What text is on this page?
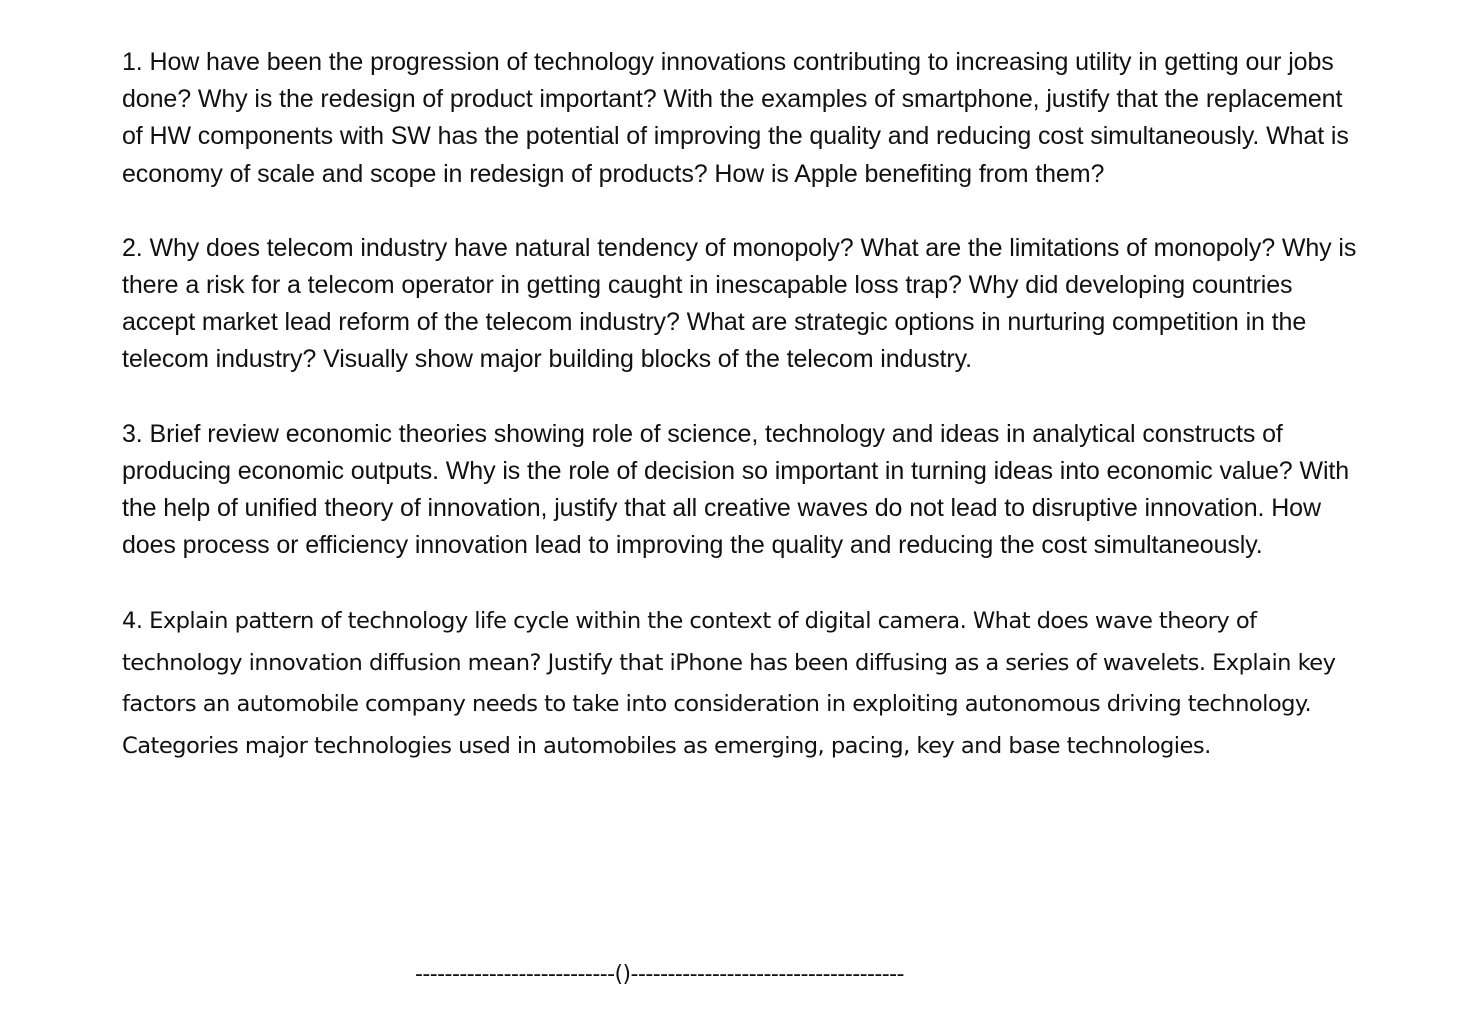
1. How have been the progression of technology innovations contributing to increasing utility in getting our jobs done? Why is the redesign of product important? With the examples of smartphone, justify that the replacement of HW components with SW has the potential of improving the quality and reducing cost simultaneously. What is economy of scale and scope in redesign of products? How is Apple benefiting from them?

2. Why does telecom industry have natural tendency of monopoly? What are the limitations of monopoly? Why is there a risk for a telecom operator in getting caught in inescapable loss trap? Why did developing countries accept market lead reform of the telecom industry? What are strategic options in nurturing competition in the telecom industry? Visually show major building blocks of the telecom industry.

3. Brief review economic theories showing role of science, technology and ideas in analytical constructs of producing economic outputs. Why is the role of decision so important in turning ideas into economic value? With the help of unified theory of innovation, justify that all creative waves do not lead to disruptive innovation. How does process or efficiency innovation lead to improving the quality and reducing the cost simultaneously.

4. Explain pattern of technology life cycle within the context of digital camera. What does wave theory of technology innovation diffusion mean? Justify that iPhone has been diffusing as a series of wavelets. Explain key factors an automobile company needs to take into consideration in exploiting autonomous driving technology. Categories major technologies used in automobiles as emerging, pacing, key and base technologies.

---------------------------()-------------------------------------
